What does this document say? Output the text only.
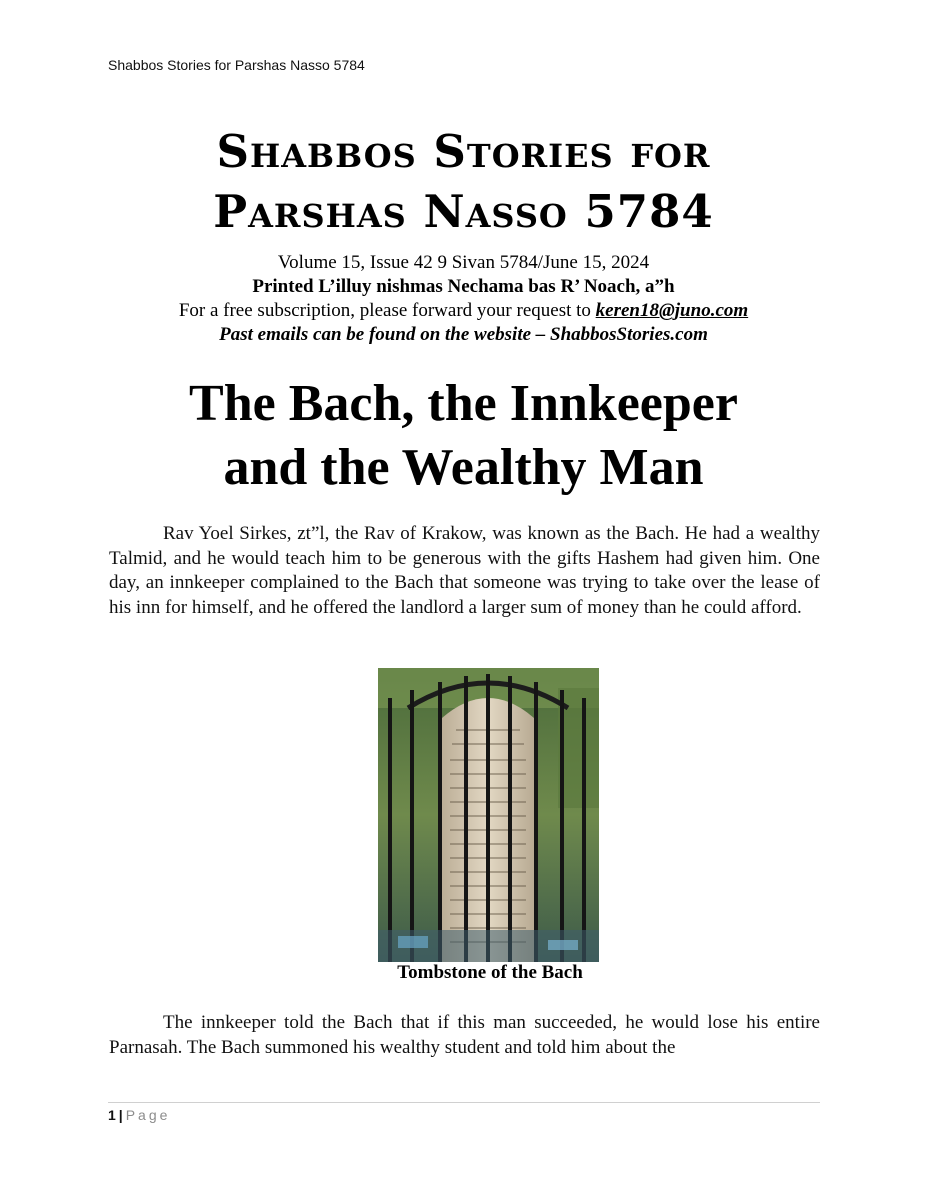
Shabbos Stories for Parshas Nasso 5784
Shabbos Stories for
Parshas Nasso 5784
Volume 15, Issue 42 9 Sivan 5784/June 15, 2024
Printed L’illuy nishmas Nechama bas R’ Noach, a”h
For a free subscription, please forward your request to keren18@juno.com
Past emails can be found on the website – ShabbosStories.com
The Bach, the Innkeeper
and the Wealthy Man

Rav Yoel Sirkes, zt”l, the Rav of Krakow, was known as the Bach. He had a wealthy Talmid, and he would teach him to be generous with the gifts Hashem had given him. One day, an innkeeper complained to the Bach that someone was trying to take over the lease of his inn for himself, and he offered the landlord a larger sum of money than he could afford.

Tombstone of the Bach

The innkeeper told the Bach that if this man succeeded, he would lose his entire Parnasah. The Bach summoned his wealthy student and told him about the

1 | Page
